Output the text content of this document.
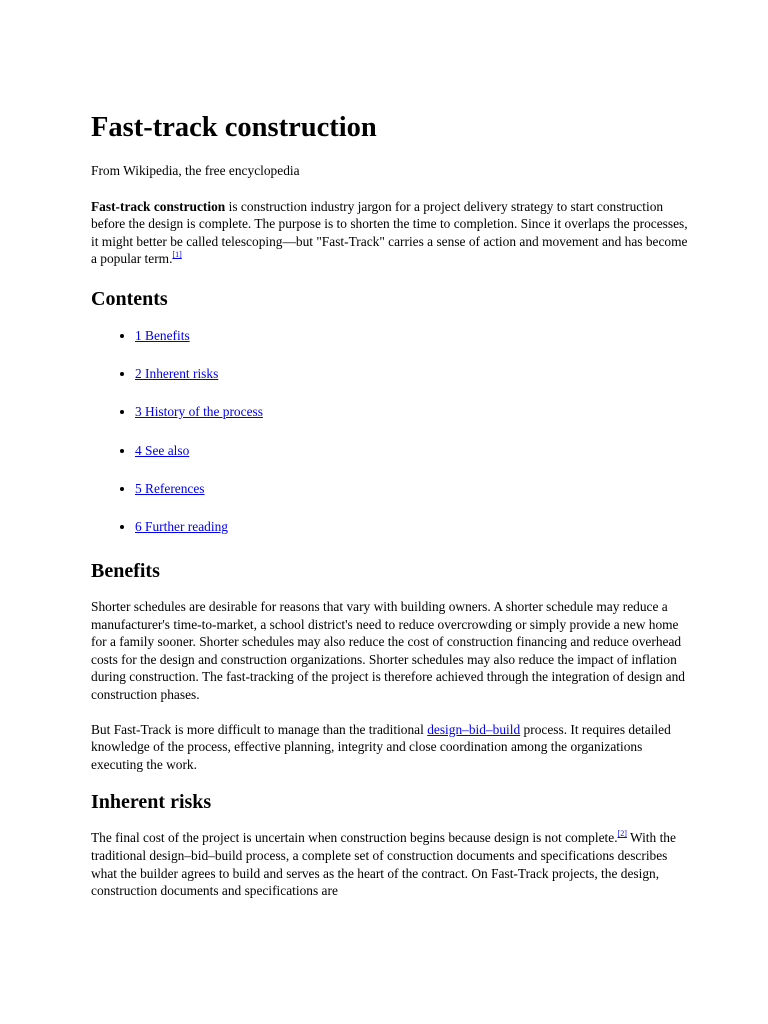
Fast-track construction

From Wikipedia, the free encyclopedia

Fast-track construction is construction industry jargon for a project delivery strategy to start construction before the design is complete. The purpose is to shorten the time to completion. Since it overlaps the processes, it might better be called telescoping—but "Fast-Track" carries a sense of action and movement and has become a popular term.[1]

Contents
• 1 Benefits
• 2 Inherent risks
• 3 History of the process
• 4 See also
• 5 References
• 6 Further reading
Benefits

Shorter schedules are desirable for reasons that vary with building owners. A shorter schedule may reduce a manufacturer's time-to-market, a school district's need to reduce overcrowding or simply provide a new home for a family sooner. Shorter schedules may also reduce the cost of construction financing and reduce overhead costs for the design and construction organizations. Shorter schedules may also reduce the impact of inflation during construction. The fast-tracking of the project is therefore achieved through the integration of design and construction phases.

But Fast-Track is more difficult to manage than the traditional design–bid–build process. It requires detailed knowledge of the process, effective planning, integrity and close coordination among the organizations executing the work.

Inherent risks

The final cost of the project is uncertain when construction begins because design is not complete.[2] With the traditional design–bid–build process, a complete set of construction documents and specifications describes what the builder agrees to build and serves as the heart of the contract. On Fast-Track projects, the design, construction documents and specifications are
